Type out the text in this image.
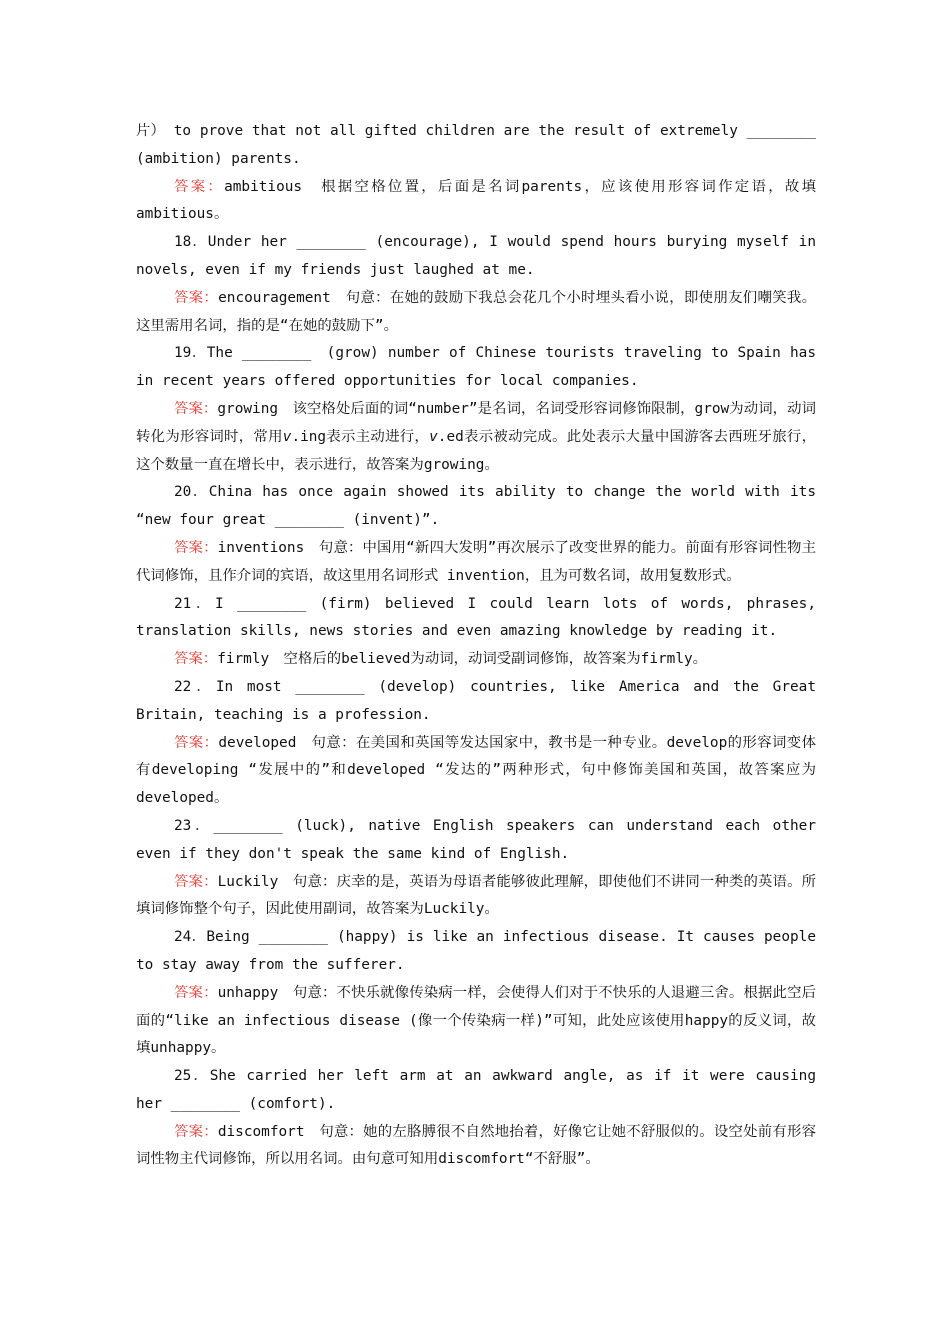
片） to prove that not all gifted children are the result of extremely ________ (ambition) parents.

答案：ambitious　根据空格位置，后面是名词parents，应该使用形容词作定语，故填ambitious。

18．Under her ________ (encourage), I would spend hours burying myself in novels, even if my friends just laughed at me.

答案：encouragement　句意：在她的鼓励下我总会花几个小时埋头看小说，即使朋友们嘲笑我。这里需用名词，指的是“在她的鼓励下”。

19．The ________　(grow) number of Chinese tourists traveling to Spain has in recent years offered opportunities for local companies.

答案：growing　该空格处后面的词“number”是名词，名词受形容词修饰限制，grow为动词，动词转化为形容词时，常用v.ing表示主动进行，v.ed表示被动完成。此处表示大量中国游客去西班牙旅行，这个数量一直在增长中，表示进行，故答案为growing。

20．China has once again showed its ability to change the world with its “new four great ________ (invent)”.

答案：inventions　句意：中国用“新四大发明”再次展示了改变世界的能力。前面有形容词性物主代词修饰，且作介词的宾语，故这里用名词形式 invention，且为可数名词，故用复数形式。

21．I ________ (firm) believed I could learn lots of words, phrases, translation skills, news stories and even amazing knowledge by reading it.

答案：firmly　空格后的believed为动词，动词受副词修饰，故答案为firmly。

22．In most ________ (develop) countries, like America and the Great Britain, teaching is a profession.

答案：developed　句意：在美国和英国等发达国家中，教书是一种专业。develop的形容词变体有developing “发展中的”和developed “发达的”两种形式，句中修饰美国和英国，故答案应为developed。

23．________ (luck), native English speakers can understand each other even if they don't speak the same kind of English.

答案：Luckily　句意：庆幸的是，英语为母语者能够彼此理解，即使他们不讲同一种类的英语。所填词修饰整个句子，因此使用副词，故答案为Luckily。

24．Being ________ (happy) is like an infectious disease. It causes people to stay away from the sufferer.

答案：unhappy　句意：不快乐就像传染病一样，会使得人们对于不快乐的人退避三舍。根据此空后面的“like an infectious disease (像一个传染病一样)”可知，此处应该使用happy的反义词，故填unhappy。

25．She carried her left arm at an awkward angle, as if it were causing her ________ (comfort).

答案：discomfort　句意：她的左胳膊很不自然地抬着，好像它让她不舒服似的。设空处前有形容词性物主代词修饰，所以用名词。由句意可知用discomfort“不舒服”。
